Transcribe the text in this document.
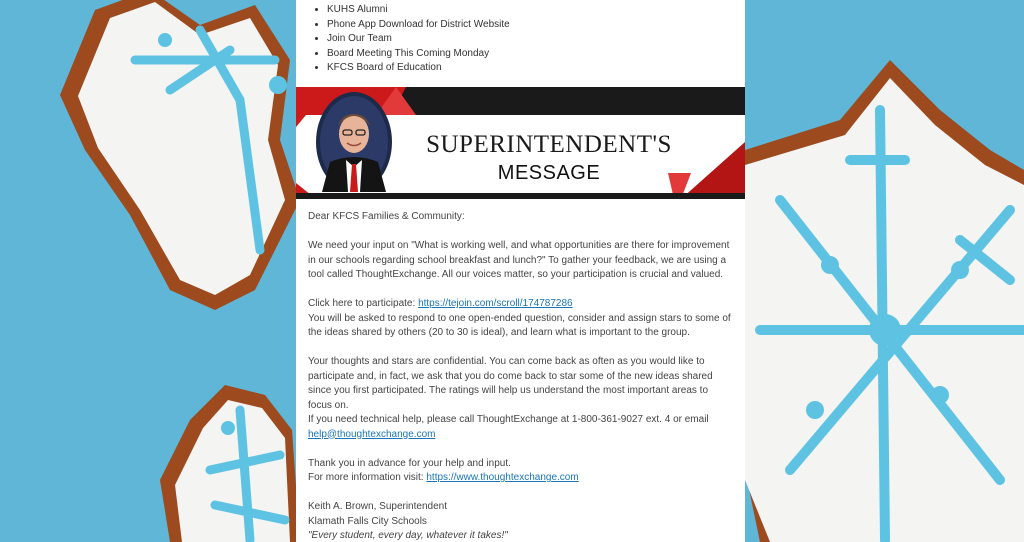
• KUHS Alumni
• Phone App Download for District Website
• Join Our Team
• Board Meeting This Coming Monday
• KFCS Board of Education
Keith A. Brown
SUPERINTENDENT'S
MESSAGE

Dear KFCS Families & Community:

We need your input on "What is working well, and what opportunities are there for improvement in our schools regarding school breakfast and lunch?" To gather your feedback, we are using a tool called ThoughtExchange. All our voices matter, so your participation is crucial and valued.

Click here to participate: https://tejoin.com/scroll/174787286

You will be asked to respond to one open-ended question, consider and assign stars to some of the ideas shared by others (20 to 30 is ideal), and learn what is important to the group.

Your thoughts and stars are confidential. You can come back as often as you would like to participate and, in fact, we ask that you do come back to star some of the new ideas shared since you first participated. The ratings will help us understand the most important areas to focus on.
If you need technical help, please call ThoughtExchange at 1-800-361-9027 ext. 4 or email

help@thoughtexchange.com

Thank you in advance for your help and input.

For more information visit: https://www.thoughtexchange.com

Keith A. Brown, Superintendent

Klamath Falls City Schools

"Every student, every day, whatever it takes!"
